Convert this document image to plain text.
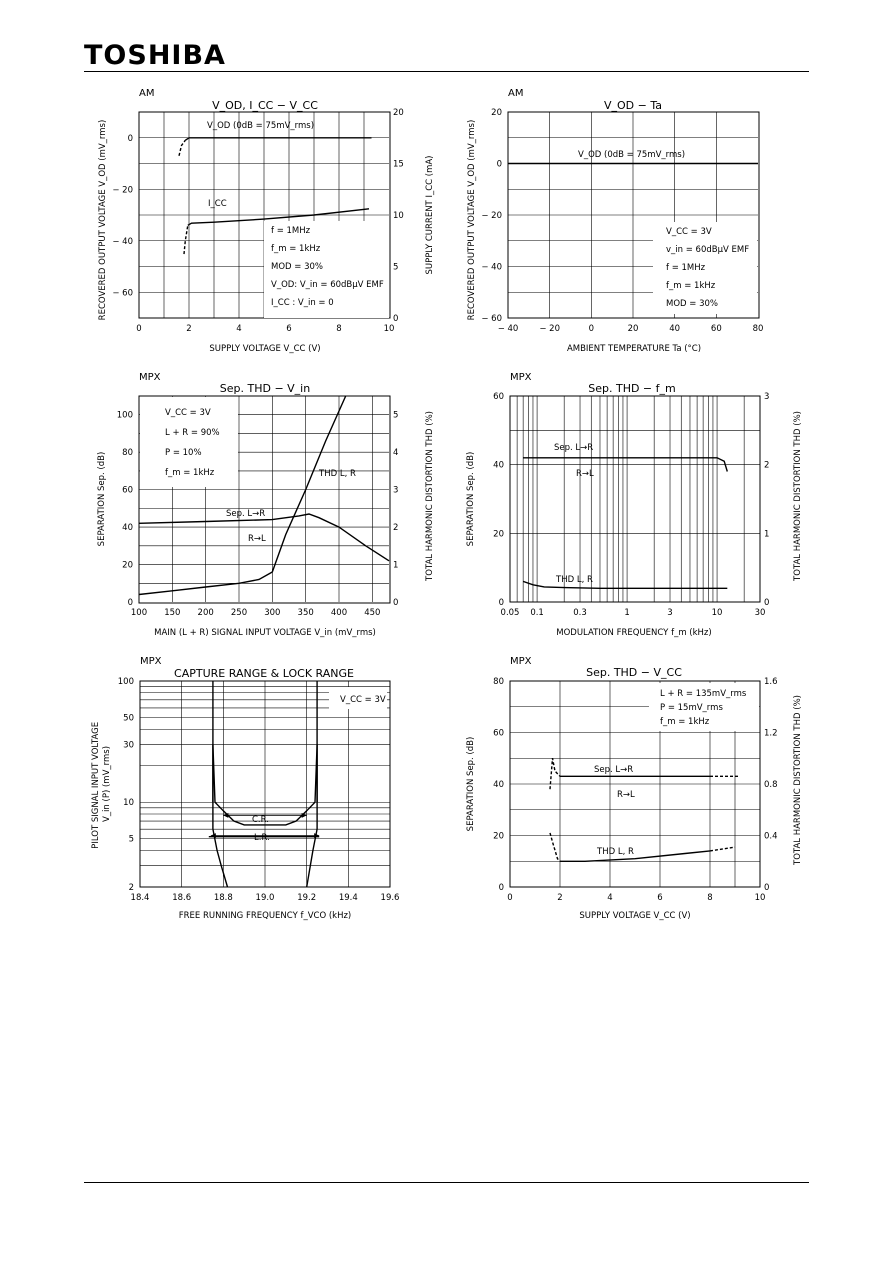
TOSHIBA
0	2	4	6	8	10
0
− 20
− 40
− 60
20
15
10
5
0
V_OD (0dB = 75mV_rms)
I_CC
f = 1MHz
f_m = 1kHz
MOD = 30%
V_OD: V_in = 60dBμV EMF
I_CC : V_in = 0
AM
V_OD, I_CC − V_CC
SUPPLY VOLTAGE V_CC (V)
RECOVERED OUTPUT VOLTAGE V_OD (mV_rms)	SUPPLY CURRENT I_CC (mA)
− 40 − 20	0	20	40	60	80
20
0
− 20
− 40
− 60
V_OD (0dB = 75mV_rms)
V_CC = 3V
v_in = 60dBμV EMF
f = 1MHz
f_m = 1kHz
MOD = 30%
AM
V_OD − Ta
AMBIENT TEMPERATURE Ta (°C)
RECOVERED OUTPUT VOLTAGE V_OD (mV_rms)
100 150 200 250 300 350 400 450
100
80
60
40
20
0
5
4
3
2
1
0
V_CC = 3V
L + R = 90%
P = 10%
f_m = 1kHz	THD L, R
Sep. L→R
R→L
MPX
Sep. THD − V_in
MAIN (L + R) SIGNAL INPUT VOLTAGE V_in (mV_rms)
SEPARATION Sep. (dB)	TOTAL HARMONIC DISTORTION THD (%)
0.05 0.1	0.3	1	3	10	30
60
40
20
0
3
2
1
0
Sep. L→R
R→L
THD L, R
MPX
Sep. THD − f_m
MODULATION FREQUENCY f_m (kHz)
SEPARATION Sep. (dB)	TOTAL HARMONIC DISTORTION THD (%)
18.4	18.6	18.8	19.0	19.2	19.4	19.6
100
50
30
10
5
2
V_CC = 3V
C.R.
L.R.
MPX
CAPTURE RANGE & LOCK RANGE
FREE RUNNING FREQUENCY f_VCO (kHz)
PILOT SIGNAL INPUT VOLTAGE V_in (P) (mV_rms)
0	2	4	6	8	10
80
60
40
20
0
1.6
1.2
0.8
0.4
0
L + R = 135mV_rms
P = 15mV_rms
f_m = 1kHz
Sep. L→R
R→L
THD L, R
MPX
Sep. THD − V_CC
SUPPLY VOLTAGE V_CC (V)
SEPARATION Sep. (dB)	TOTAL HARMONIC DISTORTION THD (%)
